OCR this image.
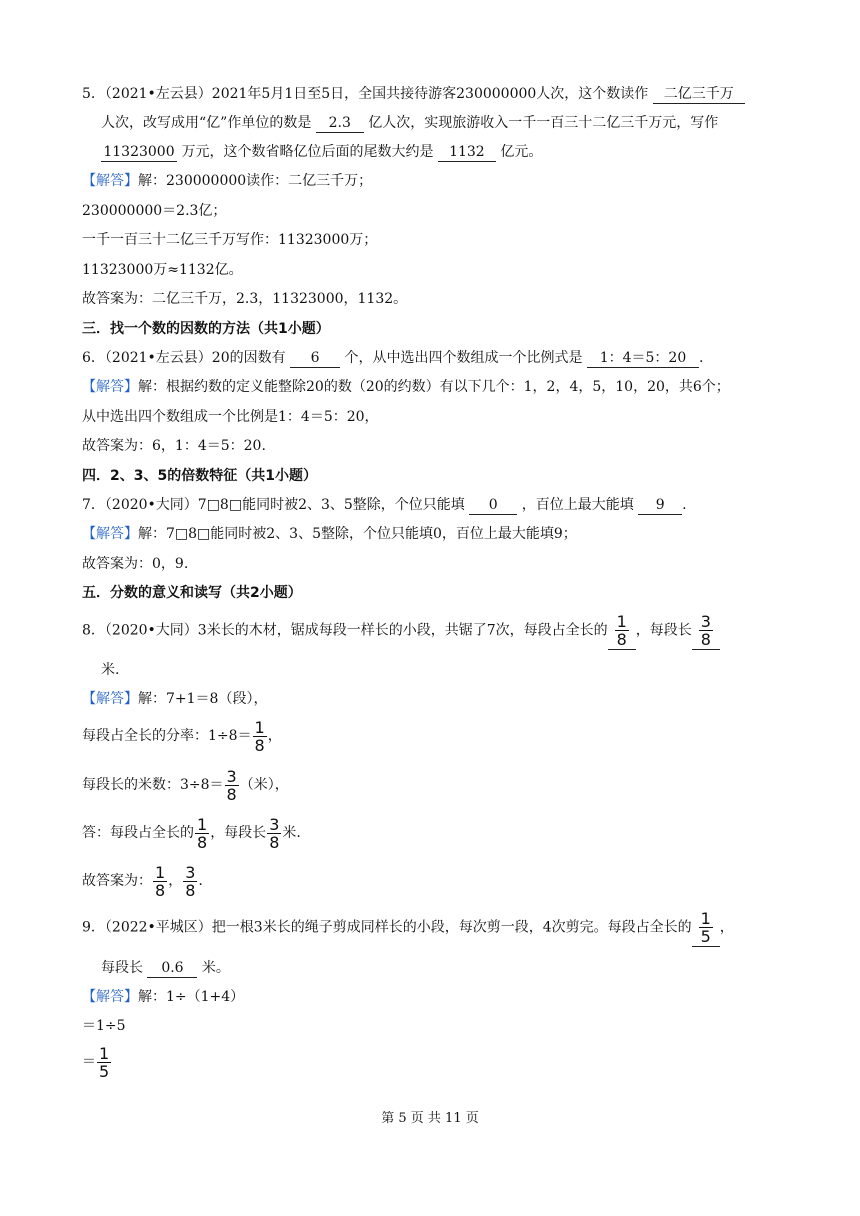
5．（2021•左云县）2021年5月1日至5日，全国共接待游客230000000人次，这个数读作 二亿三千万
人次，改写成用“亿”作单位的数是 2.3 亿人次，实现旅游收入一千一百三十二亿三千万元，写作
11323000 万元，这个数省略亿位后面的尾数大约是 1132 亿元。
【解答】解：230000000读作：二亿三千万；
230000000＝2.3亿；
一千一百三十二亿三千万写作：11323000万；
11323000万≈1132亿。
故答案为：二亿三千万，2.3，11323000，1132。
三．找一个数的因数的方法（共1小题）
6．（2021•左云县）20的因数有 6 个，从中选出四个数组成一个比例式是 1：4＝5：20 .
【解答】解：根据约数的定义能整除20的数（20的约数）有以下几个：1，2，4，5，10，20，共6个；
从中选出四个数组成一个比例是1：4＝5：20，
故答案为：6，1：4＝5：20.
四．2、3、5的倍数特征（共1小题）
7．（2020•大同）7□8□能同时被2、3、5整除，个位只能填 0 ，百位上最大能填 9 .
【解答】解：7□8□能同时被2、3、5整除，个位只能填0，百位上最大能填9；
故答案为：0，9.
五．分数的意义和读写（共2小题）
8．（2020•大同）3米长的木材，锯成每段一样长的小段，共锯了7次，每段占全长的 $\frac{1}{8}$ ，每段长 $\frac{3}{8}$
米.
【解答】解：7+1＝8（段），
每段占全长的分率：$1\div 8= \frac{1}{8}$ ，
每段长的米数：$3\div 8= \frac{3}{8}$ （米），
答：每段占全长的 $\frac{1}{8}$ ，每段长 $\frac{3}{8}$ 米.
故答案为： $\frac{1}{8}$ ， $\frac{3}{8}$ .
9．（2022•平城区）把一根3米长的绳子剪成同样长的小段，每次剪一段，4次剪完。每段占全长的 $\frac{1}{5}$ ，
每段长 0.6 米。
【解答】解：1÷（1+4）
＝1÷5
＝ $\frac{1}{5}$
第 5 页 共 11 页
